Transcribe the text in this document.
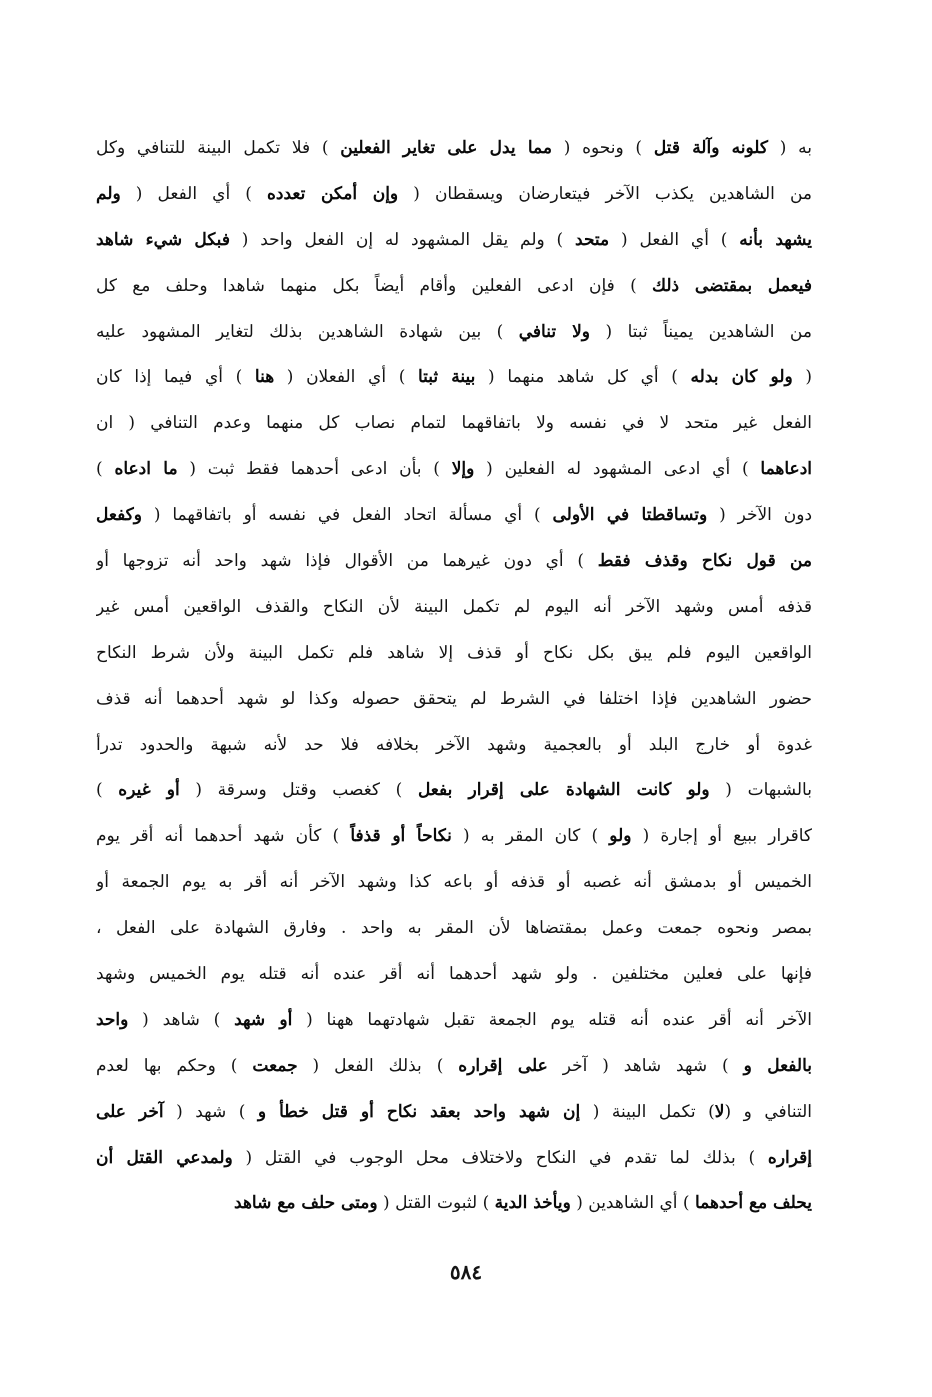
به ( كلونه وآلة قتل ) ونحوه ( مما يدل على تغاير الفعلين ) فلا تكمل البينة للتنافي وكل
من الشاهدين يكذب الآخر فيتعارضان ويسقطان ( وإن أمكن تعدده ) أي الفعل ( ولم
يشهد بأنه ) أي الفعل ( متحد ) ولم يقل المشهود له إن الفعل واحد ( فبكل شيء شاهد
فيعمل بمقتضى ذلك ) فإن ادعى الفعلين وأقام أيضاً بكل منهما شاهدا وحلف مع كل
من الشاهدين يميناً ثبتا ( ولا تنافي ) بين شهادة الشاهدين بذلك لتغاير المشهود عليه
( ولو كان بدله ) أي كل شاهد منهما ( بينة ثبتا ) أي الفعلان ( هنا ) أي فيما إذا كان
الفعل غير متحد لا في نفسه ولا باتفاقهما لتمام نصاب كل منهما وعدم التنافي ( ان
ادعاهما ) أي ادعى المشهود له الفعلين ( وإلا ) بأن ادعى أحدهما فقط ثبت ( ما ادعاه )
دون الآخر ( وتساقطتا في الأولى ) أي مسألة اتحاد الفعل في نفسه أو باتفاقهما ( وكفعل
من قول نكاح وقذف فقط ) أي دون غيرهما من الأقوال فإذا شهد واحد أنه تزوجها أو
قذفه أمس وشهد الآخر أنه اليوم لم تكمل البينة لأن النكاح والقذف الواقعين أمس غير
الواقعين اليوم فلم يبق بكل نكاح أو قذف إلا شاهد فلم تكمل البينة ولأن شرط النكاح
حضور الشاهدين فإذا اختلفا في الشرط لم يتحقق حصوله وكذا لو شهد أحدهما أنه قذف
غدوة أو خارج البلد أو بالعجمية وشهد الآخر بخلافه فلا حد لأنه شبهة والحدود تدرأ
بالشبهات ( ولو كانت الشهادة على إقرار بفعل ) كغصب وقتل وسرقة ( أو غيره )
كاقرار ببيع أو إجارة ( ولو ) كان المقر به ( نكاحاً أو قذفاً ) كأن شهد أحدهما أنه أقر يوم
الخميس أو بدمشق أنه غصبه أو قذفه أو باعه كذا وشهد الآخر أنه أقر به يوم الجمعة أو
بمصر ونحوه جمعت وعمل بمقتضاها لأن المقر به واحد . وفارق الشهادة على الفعل ،
فإنها على فعلين مختلفين . ولو شهد أحدهما أنه أقر عنده أنه قتله يوم الخميس وشهد
الآخر أنه أقر عنده أنه قتله يوم الجمعة تقبل شهادتهما ههنا ( أو شهد ) شاهد ( واحد
بالفعل و ) شهد شاهد ( آخر على إقراره ) بذلك الفعل ( جمعت ) وحكم بها لعدم
التنافي و (لا) تكمل البينة ( إن شهد واحد بعقد نكاح أو قتل خطأ و ) شهد ( آخر على
إقراره ) بذلك لما تقدم في النكاح ولاختلاف محل الوجوب في القتل ( ولمدعي القتل أن
يحلف مع أحدهما ) أي الشاهدين ( ويأخذ الدية ) لثبوت القتل ( ومتى حلف مع شاهد
٥٨٤
